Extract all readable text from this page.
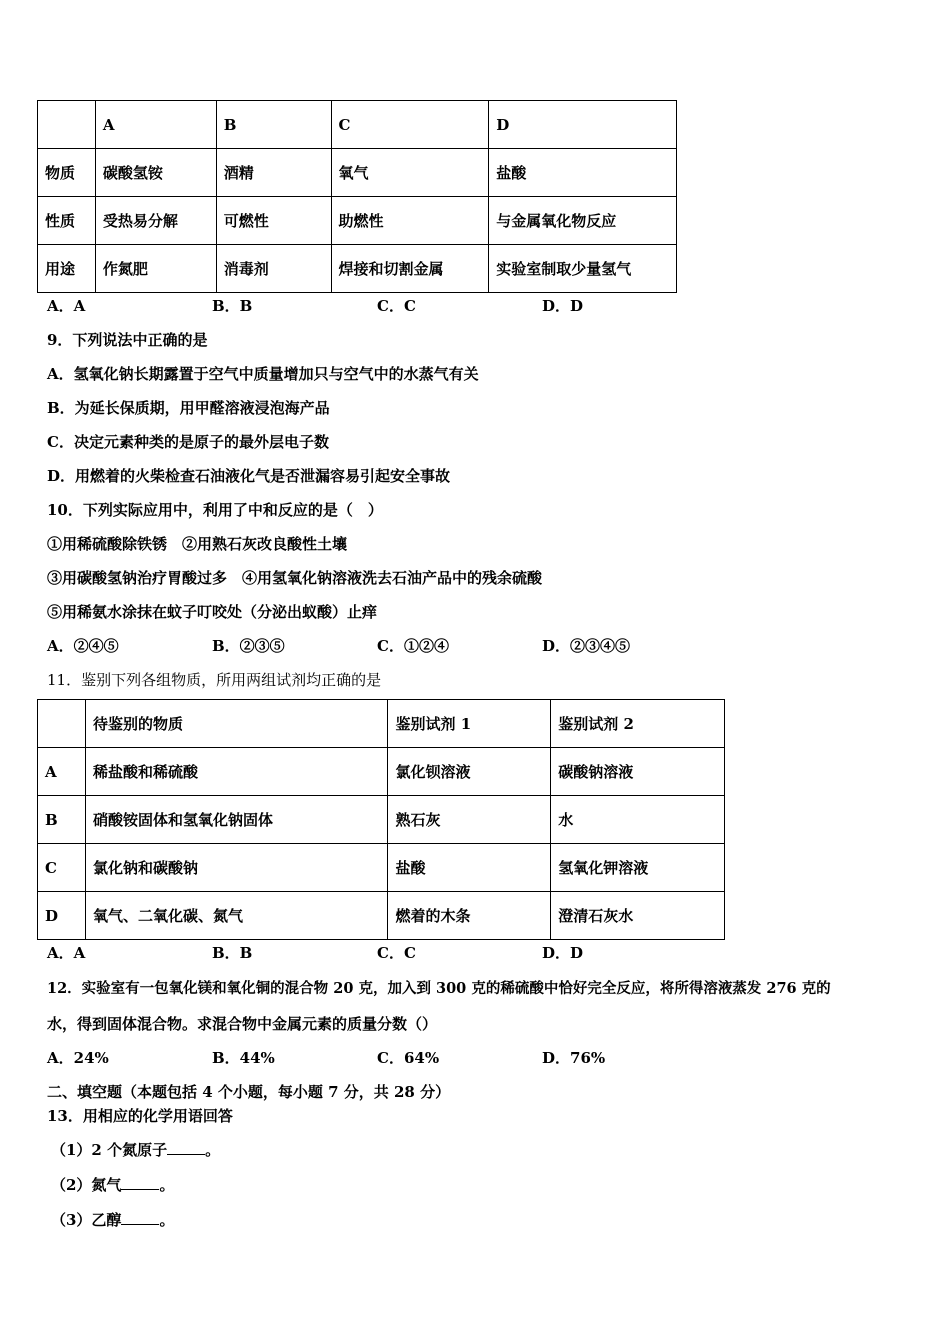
	A	B	C	D
物质	碳酸氢铵	酒精	氧气	盐酸
性质	受热易分解	可燃性	助燃性	与金属氧化物反应
用途	作氮肥	消毒剂	焊接和切割金属	实验室制取少量氢气
A．A	B．B	C．C	D．D
9．下列说法中正确的是
A．氢氧化钠长期露置于空气中质量增加只与空气中的水蒸气有关
B．为延长保质期，用甲醛溶液浸泡海产品
C．决定元素种类的是原子的最外层电子数
D．用燃着的火柴检查石油液化气是否泄漏容易引起安全事故
10．下列实际应用中，利用了中和反应的是（　）
①用稀硫酸除铁锈　②用熟石灰改良酸性土壤
③用碳酸氢钠治疗胃酸过多　④用氢氧化钠溶液洗去石油产品中的残余硫酸
⑤用稀氨水涂抹在蚊子叮咬处（分泌出蚁酸）止痒
A．②④⑤	B．②③⑤	C．①②④	D．②③④⑤
11．鉴别下列各组物质，所用两组试剂均正确的是
	待鉴别的物质	鉴别试剂 1	鉴别试剂 2
A	稀盐酸和稀硫酸	氯化钡溶液	碳酸钠溶液
B	硝酸铵固体和氢氧化钠固体	熟石灰	水
C	氯化钠和碳酸钠	盐酸	氢氧化钾溶液
D	氧气、二氧化碳、氮气	燃着的木条	澄清石灰水
A．A	B．B	C．C	D．D
12．实验室有一包氧化镁和氧化铜的混合物 20 克，加入到 300 克的稀硫酸中恰好完全反应，将所得溶液蒸发 276 克的
水，得到固体混合物。求混合物中金属元素的质量分数（）
A．24%	B．44%	C．64%	D．76%
二、填空题（本题包括 4 个小题，每小题 7 分，共 28 分）
13．用相应的化学用语回答
（1）2 个氮原子	。
（2）氮气	。
（3）乙醇	。
